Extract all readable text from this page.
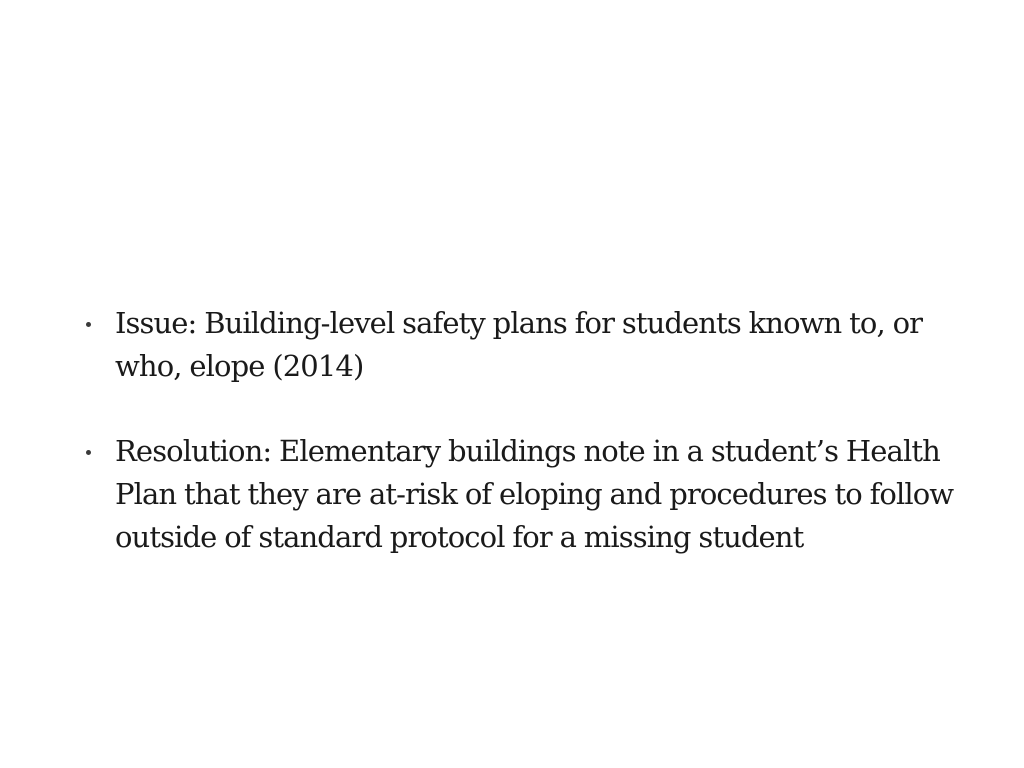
Issue: Building-level safety plans for students known to, or who, elope (2014)
Resolution: Elementary buildings note in a student’s Health Plan that they are at-risk of eloping and procedures to follow outside of standard protocol for a missing student
